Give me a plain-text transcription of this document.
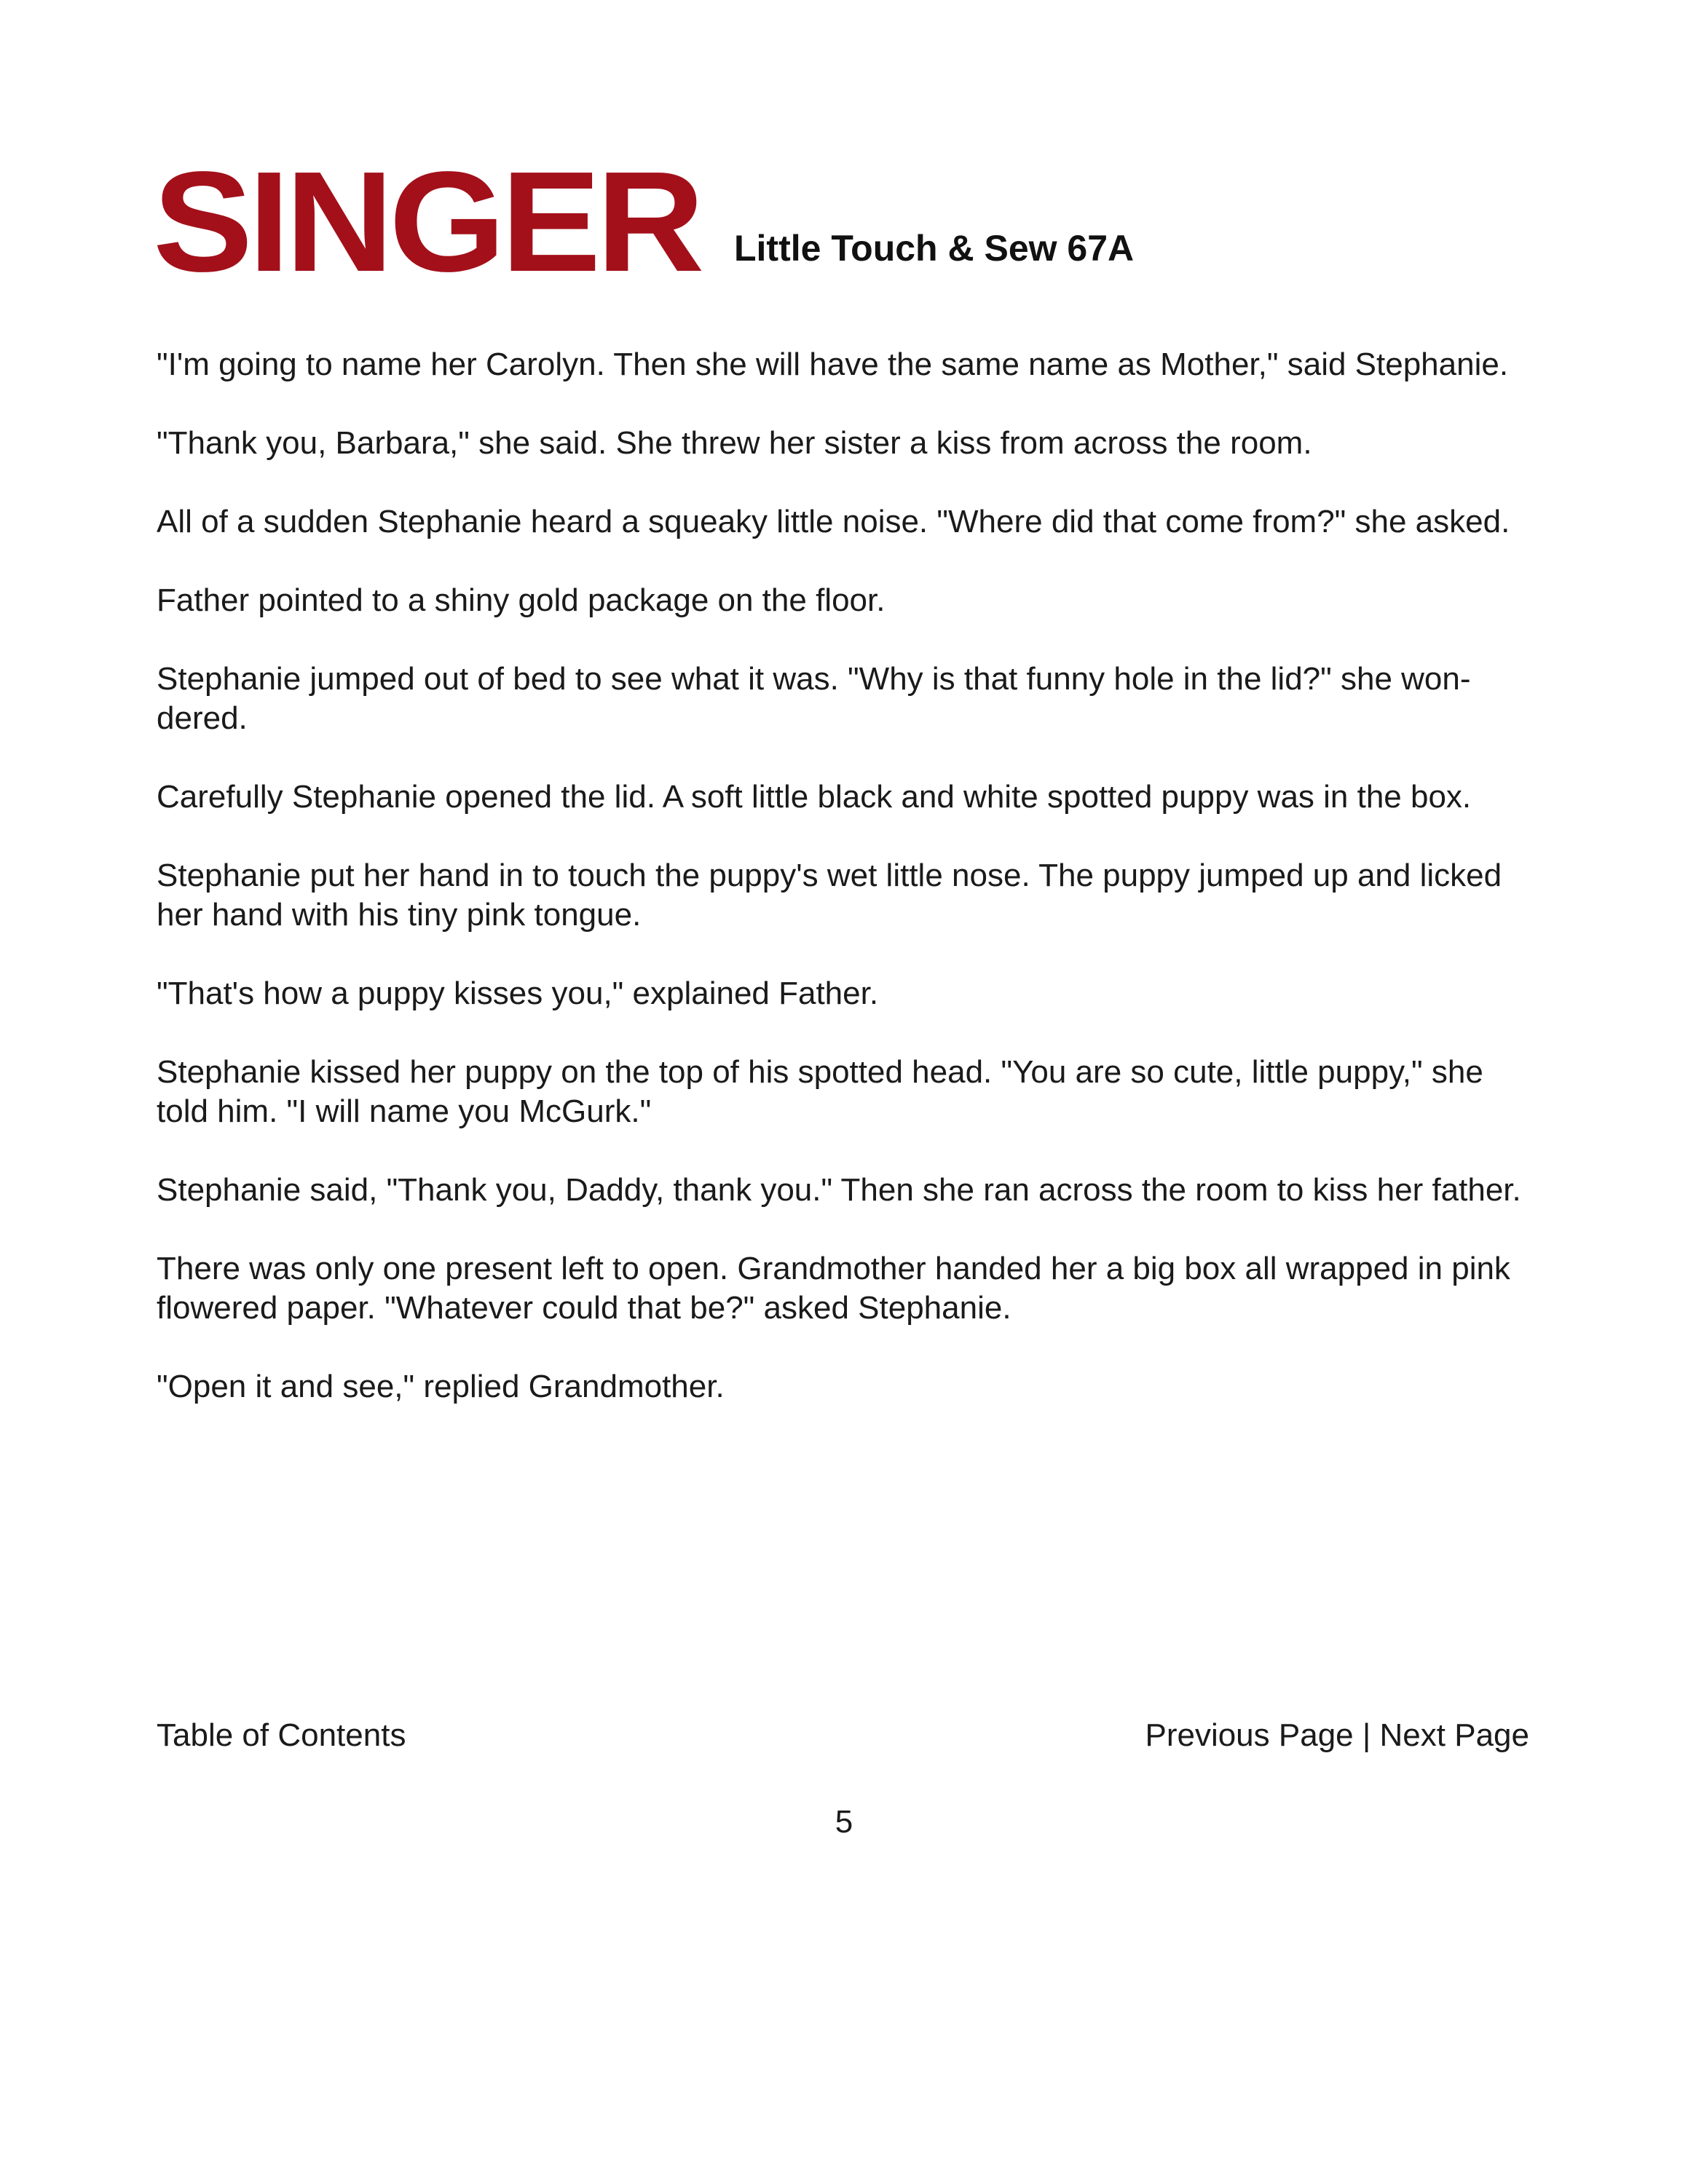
SINGER Little Touch & Sew 67A

"I'm going to name her Carolyn. Then she will have the same name as Mother," said Stephanie.

"Thank you, Barbara," she said. She threw her sister a kiss from across the room.

All of a sudden Stephanie heard a squeaky little noise. "Where did that come from?" she asked.

Father pointed to a shiny gold package on the floor.

Stephanie jumped out of bed to see what it was. "Why is that funny hole in the lid?" she won-dered.

Carefully Stephanie opened the lid. A soft little black and white spotted puppy was in the box.

Stephanie put her hand in to touch the puppy's wet little nose. The puppy jumped up and licked her hand with his tiny pink tongue.

"That's how a puppy kisses you," explained Father.

Stephanie kissed her puppy on the top of his spotted head. "You are so cute, little puppy," she told him. "I will name you McGurk."

Stephanie said, "Thank you, Daddy, thank you." Then she ran across the room to kiss her father.

There was only one present left to open. Grandmother handed her a big box all wrapped in pink flowered paper. "Whatever could that be?" asked Stephanie.

"Open it and see," replied Grandmother.

Table of Contents	Previous Page | Next Page
5
